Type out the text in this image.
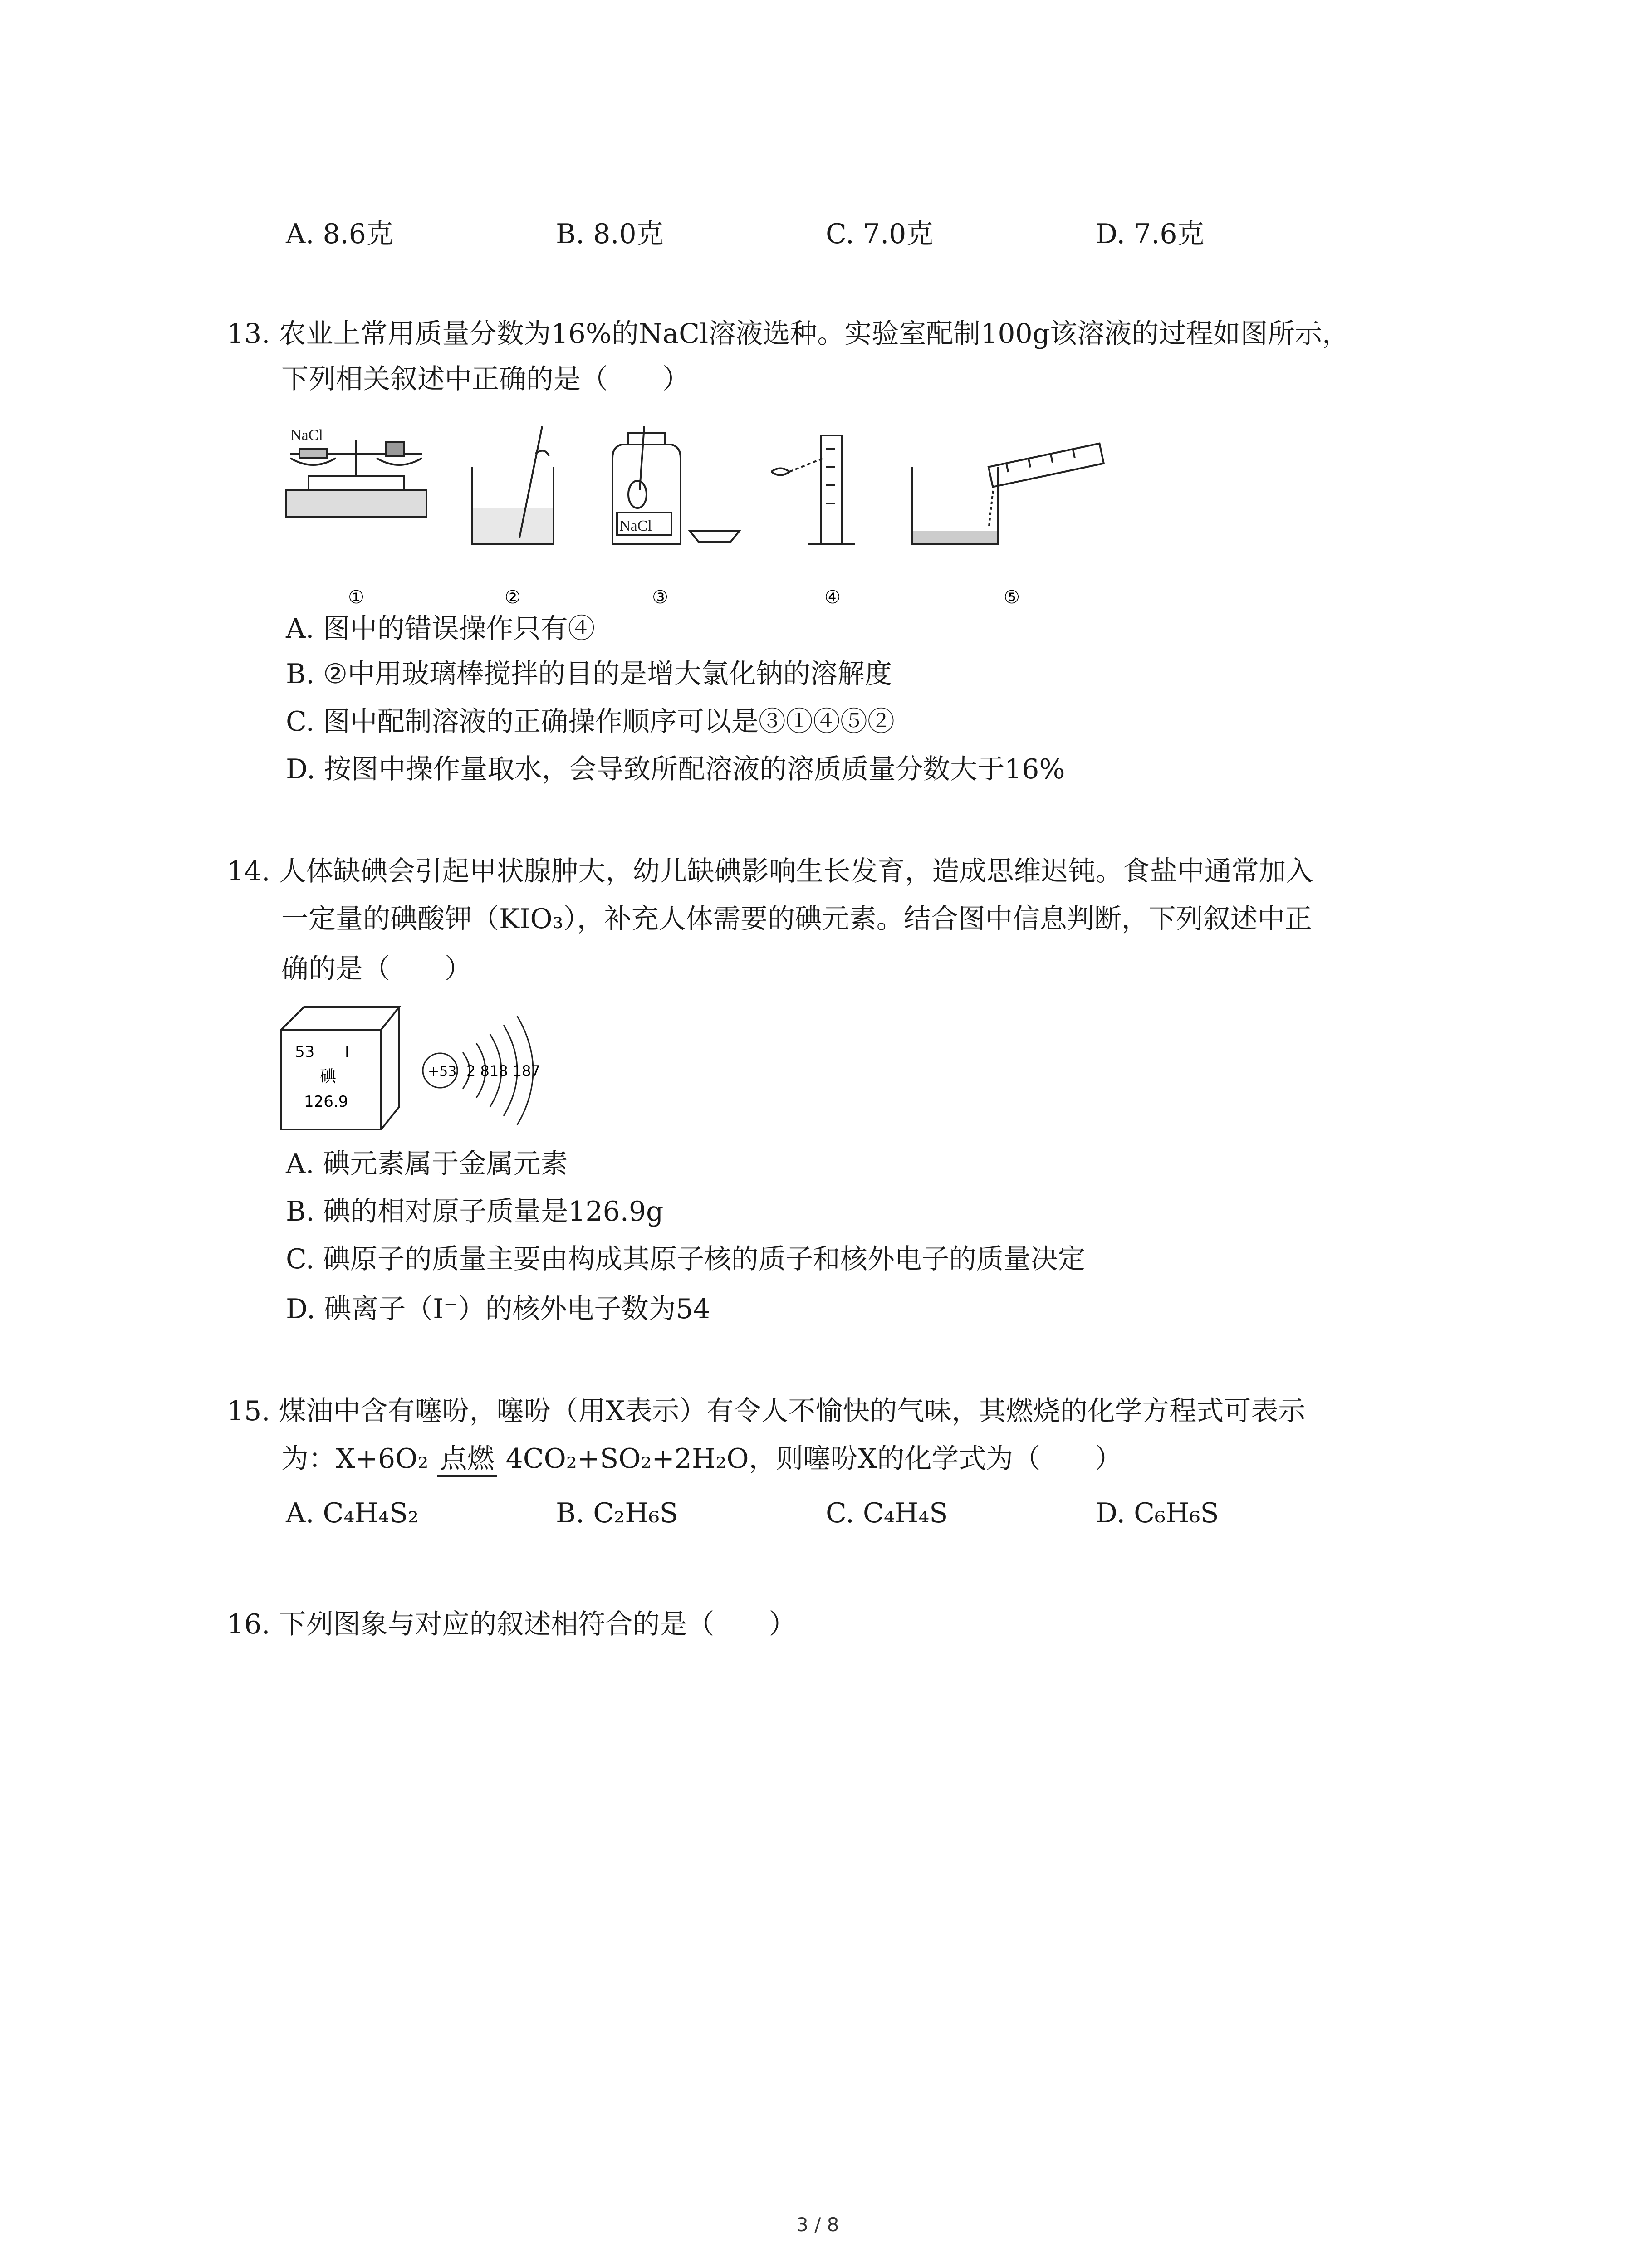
A. 8.6克	B. 8.0克	C. 7.0克	D. 7.6克
13. 农业上常用质量分数为16%的NaCl溶液选种。实验室配制100g该溶液的过程如图所示，
下列相关叙述中正确的是（　　）
NaCl
NaCl
①	②	③	④	⑤
A. 图中的错误操作只有④
B. ②中用玻璃棒搅拌的目的是增大氯化钠的溶解度
C. 图中配制溶液的正确操作顺序可以是③①④⑤②
D. 按图中操作量取水，会导致所配溶液的溶质质量分数大于16%
14. 人体缺碘会引起甲状腺肿大，幼儿缺碘影响生长发育，造成思维迟钝。食盐中通常加入
一定量的碘酸钾（KIO₃），补充人体需要的碘元素。结合图中信息判断，下列叙述中正
确的是（　　）
53 I
碘
126.9
+53 2 818 187
A. 碘元素属于金属元素
B. 碘的相对原子质量是126.9g
C. 碘原子的质量主要由构成其原子核的质子和核外电子的质量决定
D. 碘离子（I⁻）的核外电子数为54
15. 煤油中含有噻吩，噻吩（用X表示）有令人不愉快的气味，其燃烧的化学方程式可表示
为：X+6O₂ 点燃 4CO₂+SO₂+2H₂O，则噻吩X的化学式为（　　）
A. C₄H₄S₂	B. C₂H₆S	C. C₄H₄S	D. C₆H₆S
16. 下列图象与对应的叙述相符合的是（　　）
3 / 8
